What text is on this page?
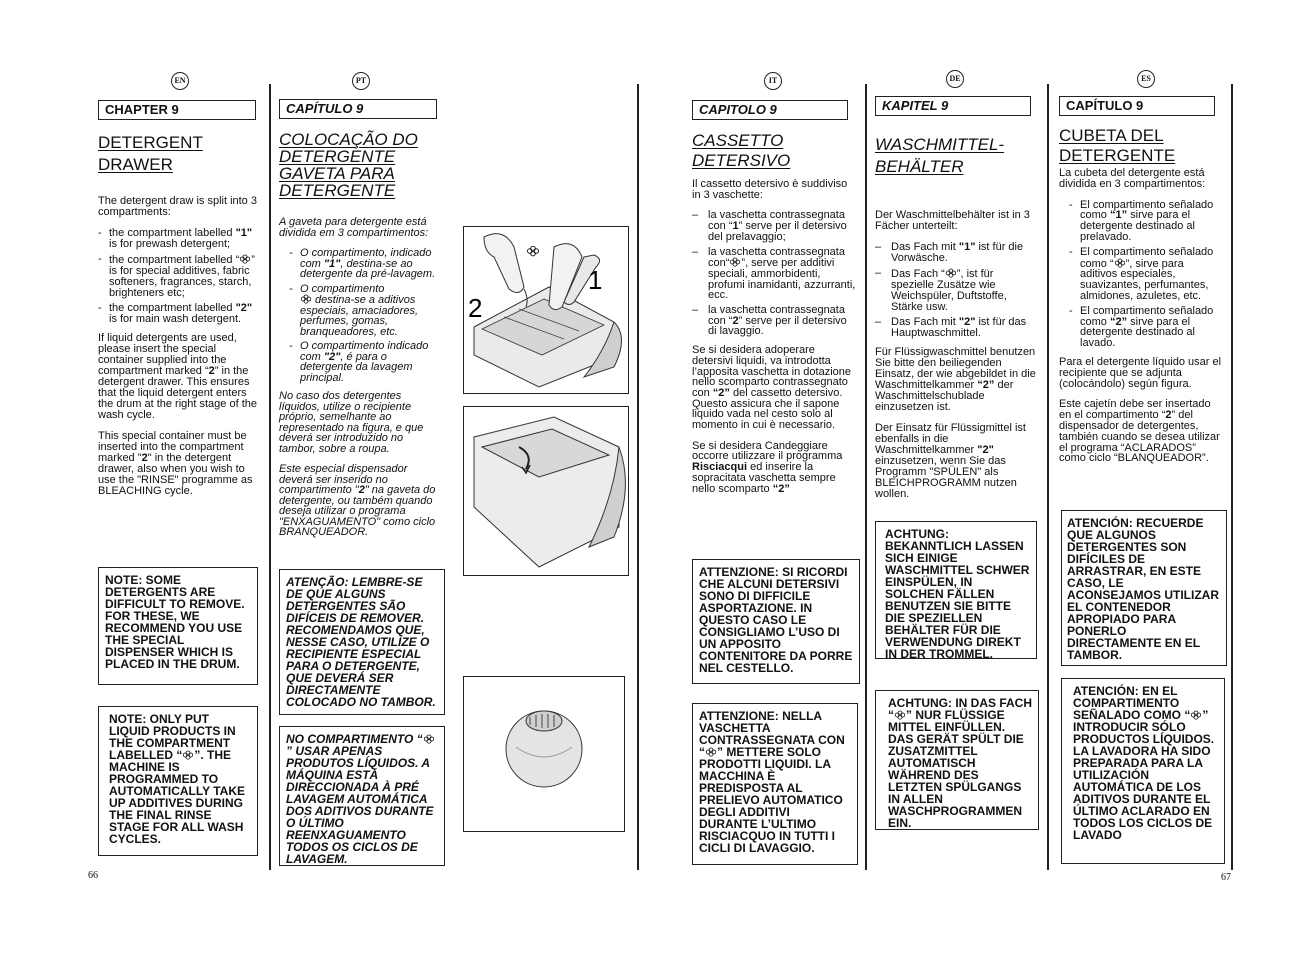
EN	PT	IT	DE	ES
CHAPTER 9
DETERGENT
DRAWER

The detergent draw is split into 3 compartments:

- the compartment labelled "1" is for prewash detergent;
- the compartment labelled “ ” is for special additives, fabric softeners, fragrances, starch, brighteners etc;
- the compartment labelled "2" is for main wash detergent.

If liquid detergents are used, please insert the special container supplied into the compartment marked “2” in the detergent drawer. This ensures that the liquid detergent enters the drum at the right stage of the wash cycle.

This special container must be inserted into the compartment marked "2" in the detergent drawer, also when you wish to use the "RINSE" programme as BLEACHING cycle.

NOTE: SOME DETERGENTS ARE DIFFICULT TO REMOVE. FOR THESE, WE RECOMMEND YOU USE THE SPECIAL DISPENSER WHICH IS PLACED IN THE DRUM.
NOTE: ONLY PUT LIQUID PRODUCTS IN THE COMPARTMENT LABELLED “ ”. THE MACHINE IS PROGRAMMED TO AUTOMATICALLY TAKE UP ADDITIVES DURING THE FINAL RINSE STAGE FOR ALL WASH CYCLES.
66
CAPÍTULO 9
COLOCAÇÃO DO
DETERGENTE
GAVETA PARA
DETERGENTE

A gaveta para detergente está dividida em 3 compartimentos:

- O compartimento, indicado com "1", destina-se ao detergente da pré-lavagem.
- O compartimento
destina-se a aditivos especiais, amaciadores, perfumes, gomas, branqueadores, etc.
- O compartimento indicado com "2", é para o detergente da lavagem principal.

No caso dos detergentes líquidos, utilize o recipiente próprio, semelhante ao representado na figura, e que deverá ser introduzido no tambor, sobre a roupa.

Este especial dispensador deverá ser inserido no compartimento "2" na gaveta do detergente, ou também quando deseja utilizar o programa "ENXAGUAMENTO" como ciclo BRANQUEADOR.

ATENÇÃO: LEMBRE-SE DE QUE ALGUNS DETERGENTES SÃO DIFÍCEIS DE REMOVER. RECOMENDAMOS QUE, NESSE CASO, UTILIZE O RECIPIENTE ESPECIAL PARA O DETERGENTE, QUE DEVERÁ SER DIRECTAMENTE COLOCADO NO TAMBOR.
NO COMPARTIMENTO “” USAR APENAS PRODUTOS LÍQUIDOS. A MÁQUINA ESTÁ DIRECCIONADA À PRÉ LAVAGEM AUTOMÁTICA DOS ADITIVOS DURANTE O ÚLTIMO REENXAGUAMENTO TODOS OS CICLOS DE LAVAGEM.
1
2
CAPITOLO 9
CASSETTO DETERSIVO

Il cassetto detersivo è suddiviso in 3 vaschette:

– la vaschetta contrassegnata con “1” serve per il detersivo del prelavaggio;
– la vaschetta contrassegnata con“ ”, serve per additivi speciali, ammorbidenti, profumi inamidanti, azzurranti, ecc.
– la vaschetta contrassegnata con “2” serve per il detersivo di lavaggio.

Se si desidera adoperare detersivi liquidi, va introdotta l’apposita vaschetta in dotazione nello scomparto contrassegnato con “2” del cassetto detersivo. Questo assicura che il sapone liquido vada nel cesto solo al momento in cui è necessario.

Se si desidera Candeggiare occorre utilizzare il programma Risciacqui ed inserire la sopracitata vaschetta sempre nello scomparto “2”

ATTENZIONE: SI RICORDI CHE ALCUNI DETERSIVI SONO DI DIFFICILE ASPORTAZIONE. IN QUESTO CASO LE CONSIGLIAMO L’USO DI UN APPOSITO CONTENITORE DA PORRE NEL CESTELLO.
ATTENZIONE: NELLA VASCHETTA CONTRASSEGNATA CON “ ” METTERE SOLO PRODOTTI LIQUIDI. LA MACCHINA È PREDISPOSTA AL PRELIEVO AUTOMATICO DEGLI ADDITIVI DURANTE L’ULTIMO RISCIACQUO IN TUTTI I CICLI DI LAVAGGIO.
KAPITEL 9
WASCHMITTEL-
BEHÄLTER

Der Waschmittelbehälter ist in 3 Fächer unterteilt:

– Das Fach mit "1" ist für die Vorwäsche.
– Das Fach “ ”, ist für spezielle Zusätze wie Weichspüler, Duftstoffe, Stärke usw.
– Das Fach mit "2" ist für das Hauptwaschmittel.

Für Flüssigwaschmittel benutzen Sie bitte den beiliegenden Einsatz, der wie abgebildet in die Waschmittelkammer “2” der Waschmittelschublade einzusetzen ist.

Der Einsatz für Flüssigmittel ist ebenfalls in die Waschmittelkammer "2" einzusetzen, wenn Sie das Programm "SPÜLEN" als BLEICHPROGRAMM nutzen wollen.

ACHTUNG: BEKANNTLICH LASSEN SICH EINIGE WASCHMITTEL SCHWER EINSPÜLEN, IN SOLCHEN FÄLLEN BENUTZEN SIE BITTE DIE SPEZIELLEN BEHÄLTER FÜR DIE VERWENDUNG DIREKT IN DER TROMMEL.
ACHTUNG: IN DAS FACH “ ” NUR FLÜSSIGE MITTEL EINFÜLLEN. DAS GERÄT SPÜLT DIE ZUSATZMITTEL AUTOMATISCH WÄHREND DES LETZTEN SPÜLGANGS IN ALLEN WASCHPROGRAMMEN EIN.
CAPÍTULO 9
CUBETA DEL
DETERGENTE

La cubeta del detergente está dividida en 3 compartimentos:

- El compartimento señalado como “1” sirve para el detergente destinado al prelavado.
- El compartimento señalado como “ ”, sirve para aditivos especiales, suavizantes, perfumantes, almidones, azuletes, etc.
- El compartimento señalado como “2” sirve para el detergente destinado al lavado.

Para el detergente líquido usar el recipiente que se adjunta (colocándolo) según figura.

Este cajetín debe ser insertado en el compartimento “2” del dispensador de detergentes, también cuando se desea utilizar el programa “ACLARADOS” como ciclo “BLANQUEADOR”.

ATENCIÓN: RECUERDE QUE ALGUNOS DETERGENTES SON DIFÍCILES DE ARRASTRAR, EN ESTE CASO, LE ACONSEJAMOS UTILIZAR EL CONTENEDOR APROPIADO PARA PONERLO DIRECTAMENTE EN EL TAMBOR.
ATENCIÓN: EN EL COMPARTIMENTO SEÑALADO COMO “ ” INTRODUCIR SÓLO PRODUCTOS LÍQUIDOS. LA LAVADORA HA SIDO PREPARADA PARA LA UTILIZACIÓN AUTOMÁTICA DE LOS ADITIVOS DURANTE EL ÚLTIMO ACLARADO EN TODOS LOS CICLOS DE LAVADO
67
